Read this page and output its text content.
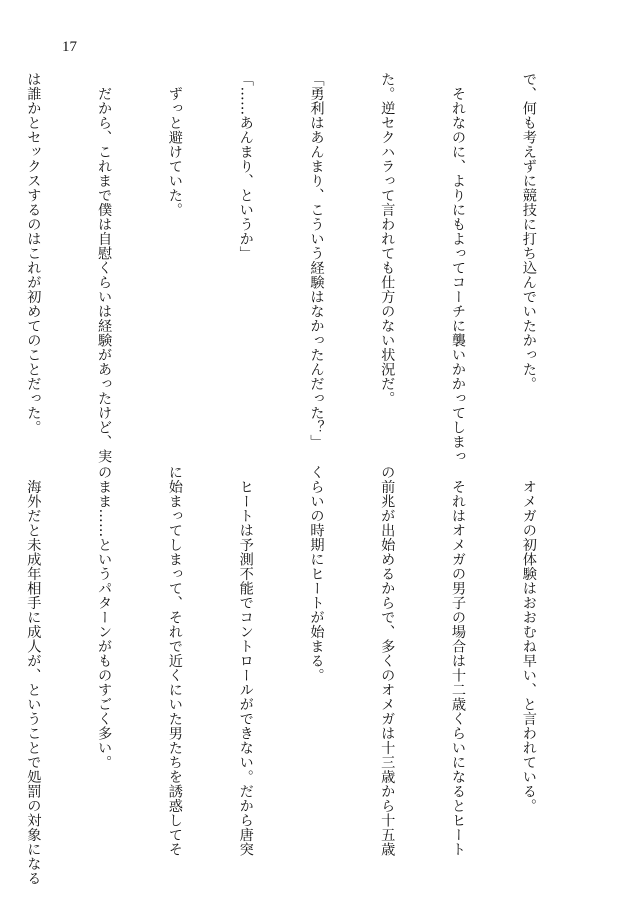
17

で、何も考えずに競技に打ち込んでいたかった。

　それなのに、よりにもよってコーチに襲いかかってしまっ

た。逆セクハラって言われても仕方のない状況だ。

「勇利はあんまり、こういう経験はなかったんだった？」

「……あんまり、というか」

　ずっと避けていた。

　だから、これまで僕は自慰くらいは経験があったけど、実

は誰かとセックスするのはこれが初めてのことだった。

　オメガの初体験はおおむね早い、と言われている。

　それはオメガの男子の場合は十二歳くらいになるとヒート

の前兆が出始めるからで、多くのオメガは十三歳から十五歳

くらいの時期にヒートが始まる。

　ヒートは予測不能でコントロールができない。だから唐突

に始まってしまって、それで近くにいた男たちを誘惑してそ

のまま……というパターンがものすごく多い。

　海外だと未成年相手に成人が、ということで処罰の対象になる
